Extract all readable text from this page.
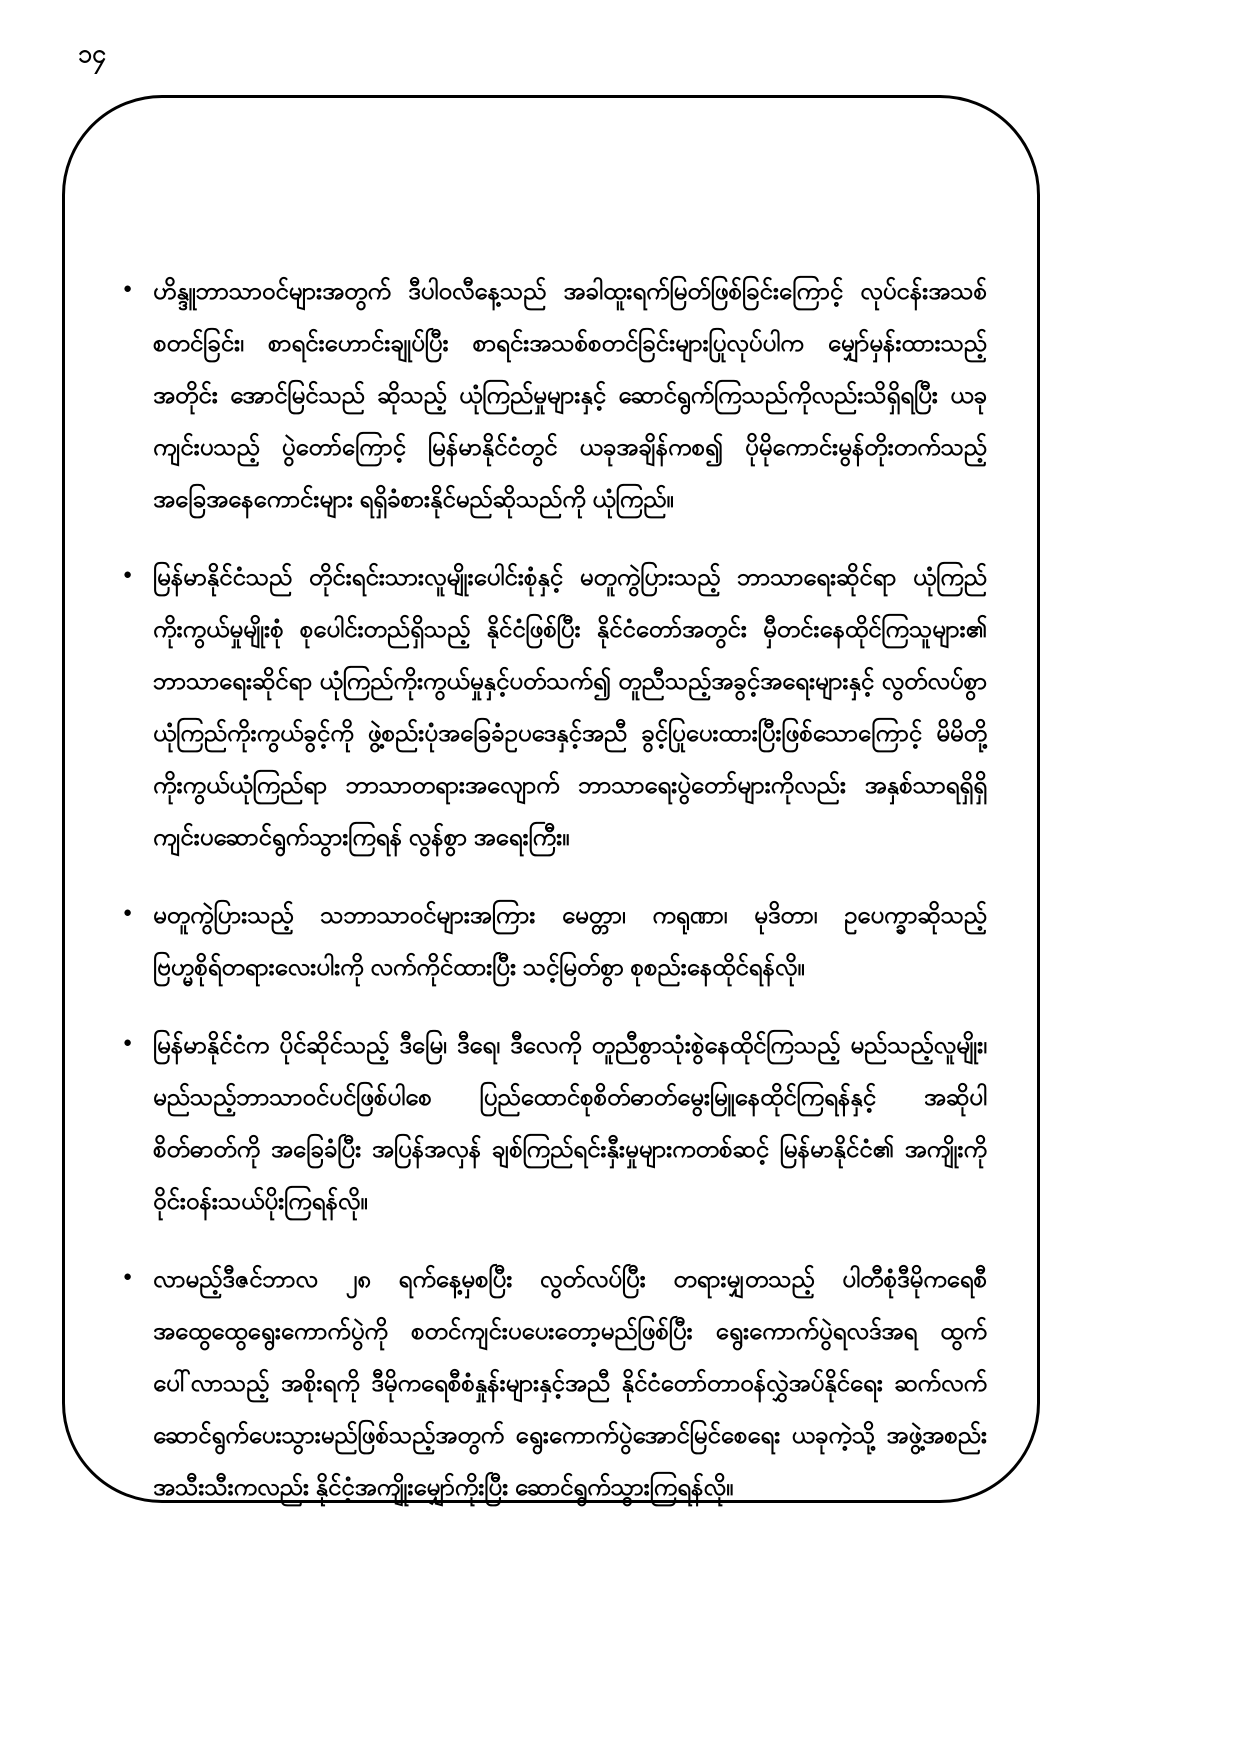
၁၄
● ဟိန္ဒူဘာသာဝင်များအတွက် ဒီပါဝလီနေ့သည် အခါထူးရက်မြတ်ဖြစ်ခြင်းကြောင့် လုပ်ငန်းအသစ်စတင်ခြင်း၊ စာရင်းဟောင်းချုပ်ပြီး စာရင်းအသစ်စတင်ခြင်းများပြုလုပ်ပါက မျှော်မှန်းထားသည့်အတိုင်း အောင်မြင်သည် ဆိုသည့် ယုံကြည်မှုများနှင့် ဆောင်ရွက်ကြသည်ကိုလည်းသိရှိရပြီး ယခုကျင်းပသည့် ပွဲတော်ကြောင့် မြန်မာနိုင်ငံတွင် ယခုအချိန်ကစ၍ ပိုမိုကောင်းမွန်တိုးတက်သည့် အခြေအနေကောင်းများ ရရှိခံစားနိုင်မည်ဆိုသည်ကို ယုံကြည်။
● မြန်မာနိုင်ငံသည် တိုင်းရင်းသားလူမျိုးပေါင်းစုံနှင့် မတူကွဲပြားသည့် ဘာသာရေးဆိုင်ရာ ယုံကြည်ကိုးကွယ်မှုမျိုးစုံ စုပေါင်းတည်ရှိသည့် နိုင်ငံဖြစ်ပြီး နိုင်ငံတော်အတွင်း မှီတင်းနေထိုင်ကြသူများ၏ ဘာသာရေးဆိုင်ရာ ယုံကြည်ကိုးကွယ်မှုနှင့်ပတ်သက်၍ တူညီသည့်အခွင့်အရေးများနှင့် လွတ်လပ်စွာ ယုံကြည်ကိုးကွယ်ခွင့်ကို ဖွဲ့စည်းပုံအခြေခံဥပဒေနှင့်အညီ ခွင့်ပြုပေးထားပြီးဖြစ်သောကြောင့် မိမိတို့ကိုးကွယ်ယုံကြည်ရာ ဘာသာတရားအလျောက် ဘာသာရေးပွဲတော်များကိုလည်း အနှစ်သာရရှိရှိ ကျင်းပဆောင်ရွက်သွားကြရန် လွန်စွာ အရေးကြီး။
● မတူကွဲပြားသည့် သဘာသာဝင်များအကြား မေတ္တာ၊ ကရုဏာ၊ မုဒိတာ၊ ဥပေက္ခာဆိုသည့် ဗြဟ္မစိုရ်တရားလေးပါးကို လက်ကိုင်ထားပြီး သင့်မြတ်စွာ စုစည်းနေထိုင်ရန်လို။
● မြန်မာနိုင်ငံက ပိုင်ဆိုင်သည့် ဒီမြေ၊ ဒီရေ၊ ဒီလေကို တူညီစွာသုံးစွဲနေထိုင်ကြသည့် မည်သည့်လူမျိုး၊ မည်သည့်ဘာသာဝင်ပင်ဖြစ်ပါစေ ပြည်ထောင်စုစိတ်ဓာတ်မွေးမြူနေထိုင်ကြရန်နှင့် အဆိုပါစိတ်ဓာတ်ကို အခြေခံပြီး အပြန်အလှန် ချစ်ကြည်ရင်းနှီးမှုများကတစ်ဆင့် မြန်မာနိုင်ငံ၏ အကျိုးကို ဝိုင်းဝန်းသယ်ပိုးကြရန်လို။
● လာမည့်ဒီဇင်ဘာလ ၂၈ ရက်နေ့မှစပြီး လွတ်လပ်ပြီး တရားမျှတသည့် ပါတီစုံဒီမိုကရေစီ အထွေထွေရွေးကောက်ပွဲကို စတင်ကျင်းပပေးတော့မည်ဖြစ်ပြီး ရွေးကောက်ပွဲရလဒ်အရ ထွက်ပေါ်လာသည့် အစိုးရကို ဒီမိုကရေစီစံနှုန်းများနှင့်အညီ နိုင်ငံတော်တာဝန်လွှဲအပ်နိုင်ရေး ဆက်လက်ဆောင်ရွက်ပေးသွားမည်ဖြစ်သည့်အတွက် ရွေးကောက်ပွဲအောင်မြင်စေရေး ယခုကဲ့သို့ အဖွဲ့အစည်းအသီးသီးကလည်း နိုင်ငံ့အကျိုးမျှော်ကိုးပြီး ဆောင်ရွက်သွားကြရန်လို။
